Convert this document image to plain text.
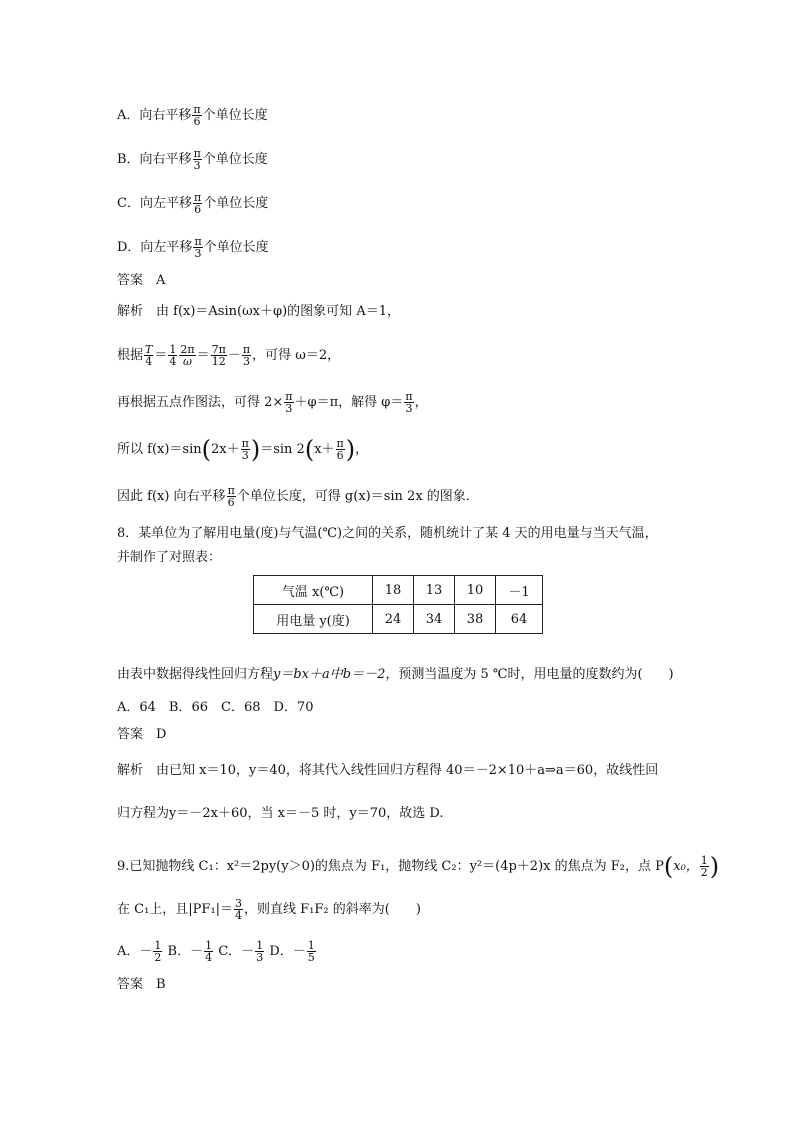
A．向右平移 $\frac{\pi}{6}$ 个单位长度
B．向右平移 $\frac{\pi}{3}$ 个单位长度
C．向左平移 $\frac{\pi}{6}$ 个单位长度
D．向左平移 $\frac{\pi}{3}$ 个单位长度
答案　A
解析　由 f(x)＝Asin(ωx＋φ)的图象可知 A＝1，
根据 $\frac{T}{4} = \frac{1}{4} \frac{2\pi}{\omega} = \frac{7\pi}{12} - \frac{\pi}{3}$ ，可得 ω＝2，
再根据五点作图法，可得 $2\times \frac{\pi}{3} +\varphi=\pi$，解得 $\varphi= \frac{\pi}{3}$ ，
所以 $f(x)=\sin(2x+ \frac{\pi}{3} )=\sin$ $2(x+ \frac{\pi}{6}$ )，
因此 f(x) 向右平移 $\frac{\pi}{6}$ 个单位长度，可得 g(x)＝sin 2x 的图象．
8．某单位为了解用电量(度)与气温(℃)之间的关系，随机统计了某 4 天的用电量与当天气温，
并制作了对照表：
气温 x(℃)	18	13	10	－1
用电量 y(度)	24	34	38	64
由表中数据得线性回归方程y＝bx＋a中b＝－2，预测当温度为 5 ℃时，用电量的度数约为(　　)
A．64　B．66　C．68　D．70
答案　D
解析　由已知 x＝10，y＝40，将其代入线性回归方程得 40＝－2×10＋a⇒a＝60，故线性回
归方程为y＝－2x＋60，当 x＝－5 时，y＝70，故选 D.
9.已知抛物线 C₁：x²＝2py(y＞0)的焦点为 F₁，抛物线 C₂：y²＝(4p＋2)x 的焦点为 F₂，点 P(x₀， $\frac{1}{2}$ )
在 C₁上，且$|PF_1|= \frac{3}{4}$ ，则直线 F₁F₂ 的斜率为(　　)
A．－ $\frac{1}{2}$ B．－ $\frac{1}{4}$ C．－ $\frac{1}{3}$ D．－ $\frac{1}{5}$
答案　B
